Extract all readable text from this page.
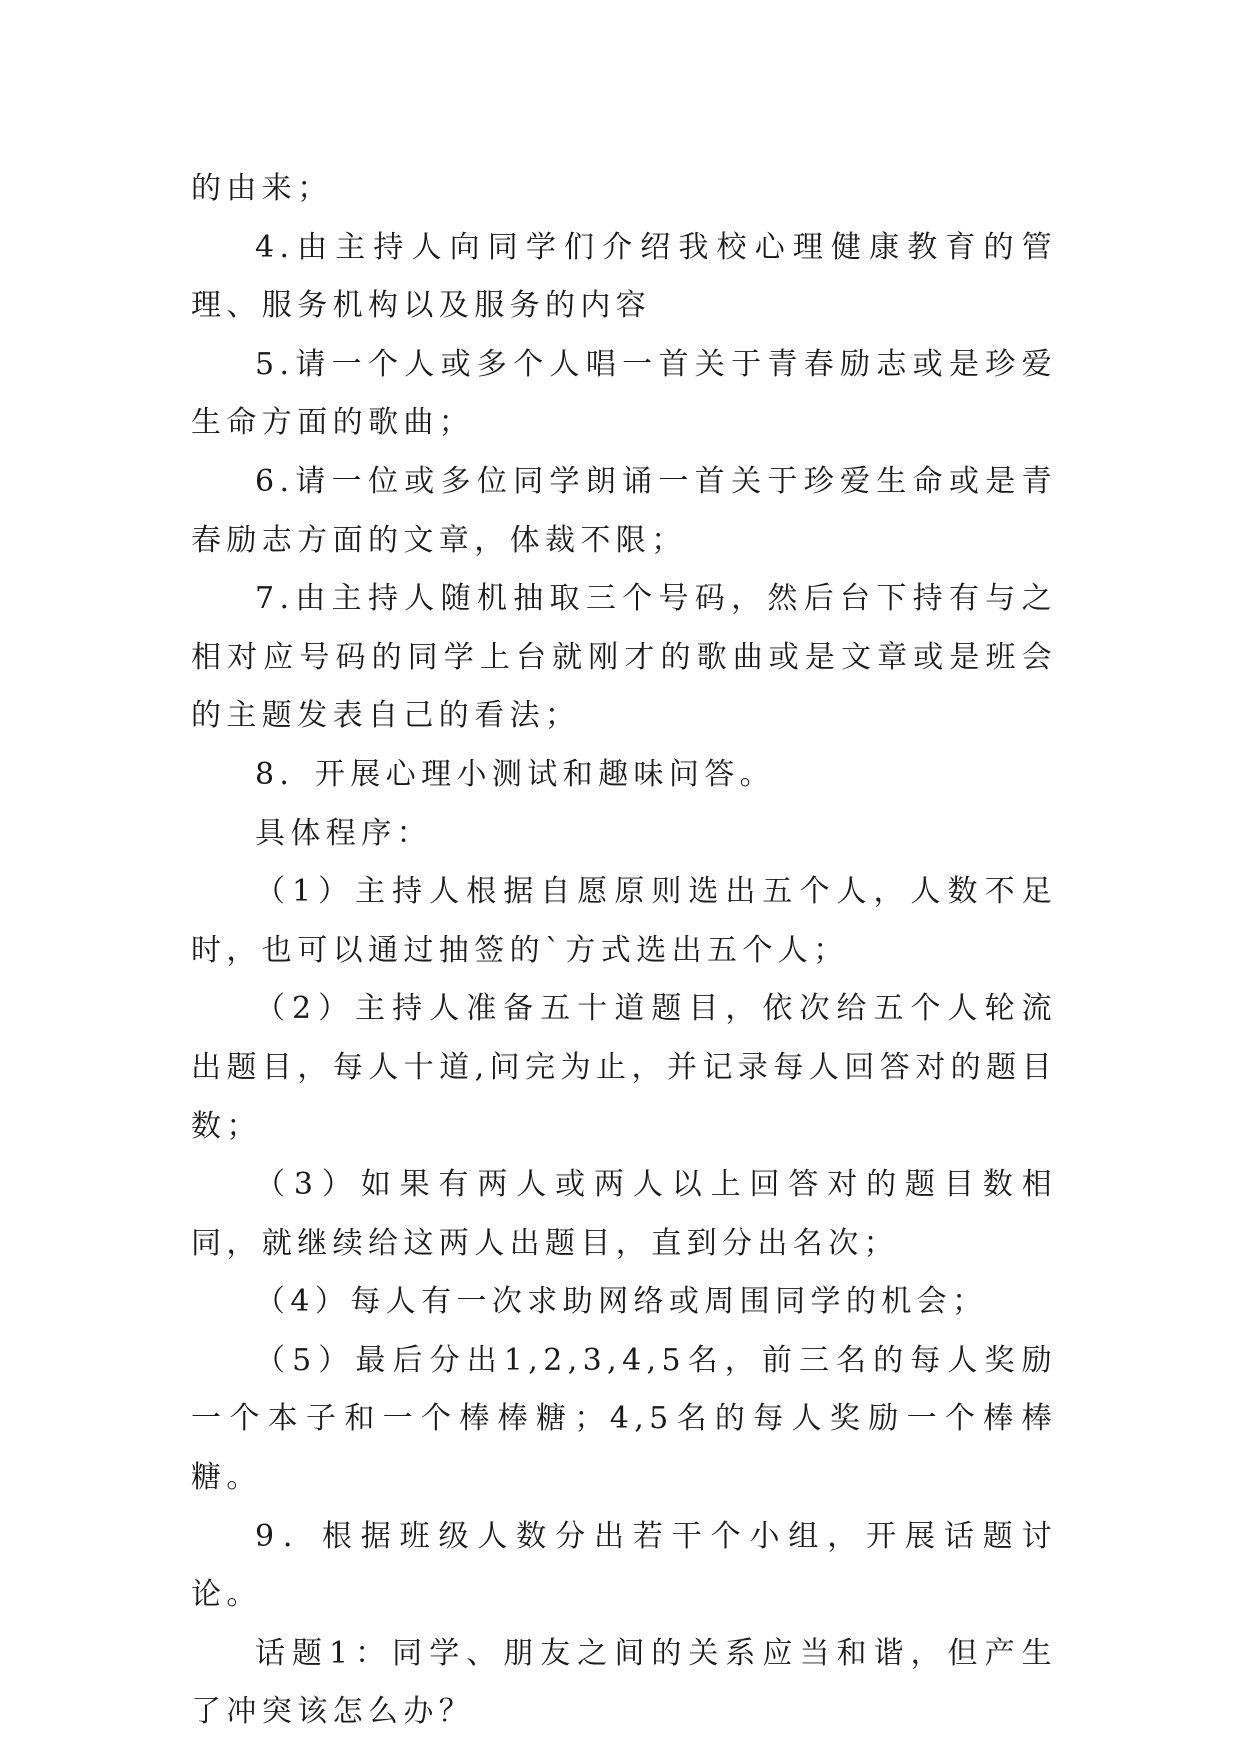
的由来；

4.由主持人向同学们介绍我校心理健康教育的管理、服务机构以及服务的内容

5.请一个人或多个人唱一首关于青春励志或是珍爱生命方面的歌曲；

6.请一位或多位同学朗诵一首关于珍爱生命或是青春励志方面的文章，体裁不限；

7.由主持人随机抽取三个号码，然后台下持有与之相对应号码的同学上台就刚才的歌曲或是文章或是班会的主题发表自己的看法；

8．开展心理小测试和趣味问答。

具体程序：

（1）主持人根据自愿原则选出五个人，人数不足时，也可以通过抽签的`方式选出五个人；

（2）主持人准备五十道题目，依次给五个人轮流出题目，每人十道,问完为止，并记录每人回答对的题目数；

（3）如果有两人或两人以上回答对的题目数相同，就继续给这两人出题目，直到分出名次；

（4）每人有一次求助网络或周围同学的机会；

（5）最后分出1,2,3,4,5名，前三名的每人奖励一个本子和一个棒棒糖；4,5名的每人奖励一个棒棒糖。

9．根据班级人数分出若干个小组，开展话题讨论。

话题1：同学、朋友之间的关系应当和谐，但产生了冲突该怎么办？
